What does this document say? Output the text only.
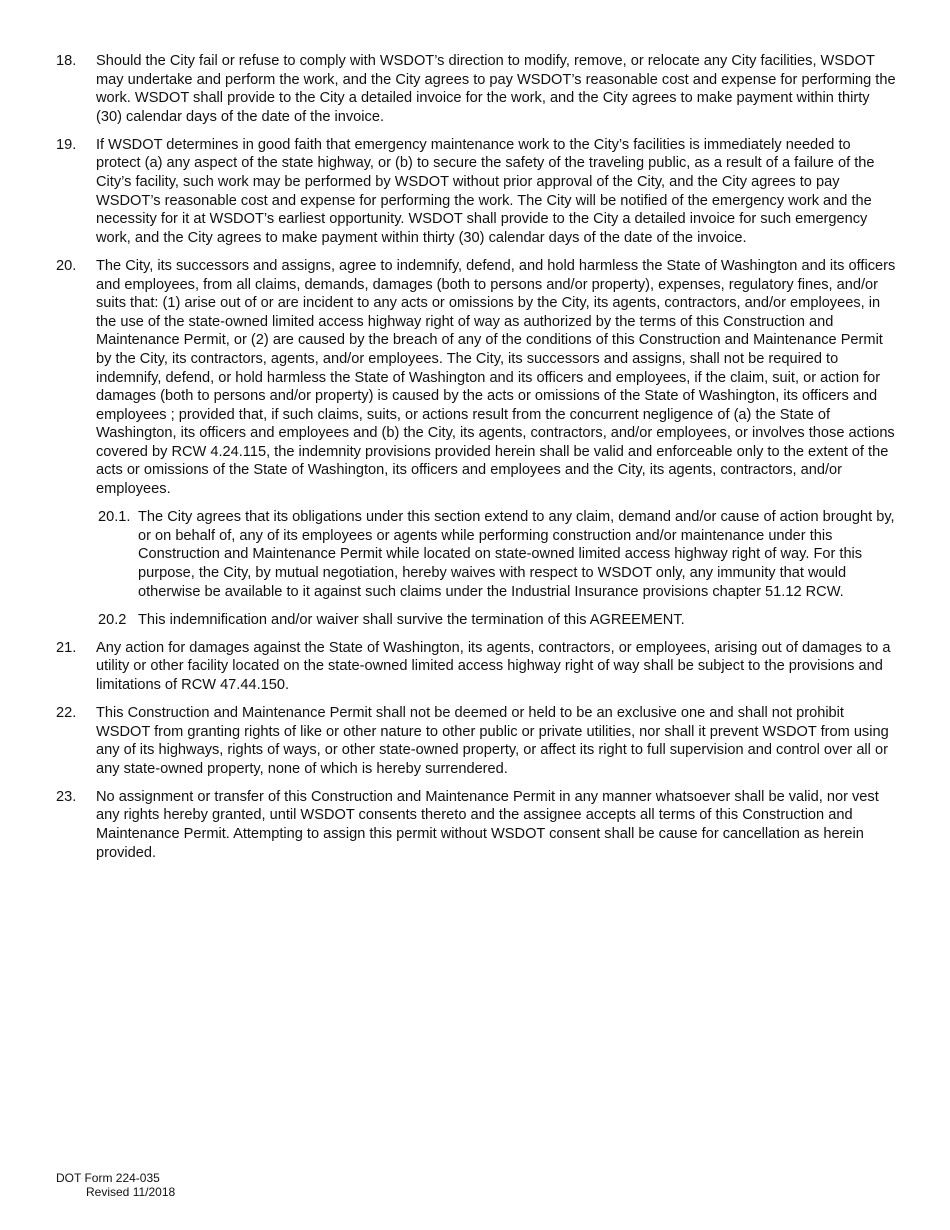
18.	Should the City fail or refuse to comply with WSDOT’s direction to modify, remove, or relocate any City facilities, WSDOT may undertake and perform the work, and the City agrees to pay WSDOT’s reasonable cost and expense for performing the work. WSDOT shall provide to the City a detailed invoice for the work, and the City agrees to make payment within thirty (30) calendar days of the date of the invoice.
19.	If WSDOT determines in good faith that emergency maintenance work to the City’s facilities is immediately needed to protect (a) any aspect of the state highway, or (b) to secure the safety of the traveling public, as a result of a failure of the City’s facility, such work may be performed by WSDOT without prior approval of the City, and the City agrees to pay WSDOT’s reasonable cost and expense for performing the work. The City will be notified of the emergency work and the necessity for it at WSDOT’s earliest opportunity. WSDOT shall provide to the City a detailed invoice for such emergency work, and the City agrees to make payment within thirty (30) calendar days of the date of the invoice.
20.	The City, its successors and assigns, agree to indemnify, defend, and hold harmless the State of Washington and its officers and employees, from all claims, demands, damages (both to persons and/or property), expenses, regulatory fines, and/or suits that: (1) arise out of or are incident to any acts or omissions by the City, its agents, contractors, and/or employees, in the use of the state-owned limited access highway right of way as authorized by the terms of this Construction and Maintenance Permit, or (2) are caused by the breach of any of the conditions of this Construction and Maintenance Permit by the City, its contractors, agents, and/or employees. The City, its successors and assigns, shall not be required to indemnify, defend, or hold harmless the State of Washington and its officers and employees, if the claim, suit, or action for damages (both to persons and/or property) is caused by the acts or omissions of the State of Washington, its officers and employees ; provided that, if such claims, suits, or actions result from the concurrent negligence of (a) the State of Washington, its officers and employees and (b) the City, its agents, contractors, and/or employees, or involves those actions covered by RCW 4.24.115, the indemnity provisions provided herein shall be valid and enforceable only to the extent of the acts or omissions of the State of Washington, its officers and employees and the City, its agents, contractors, and/or employees.
20.1. The City agrees that its obligations under this section extend to any claim, demand and/or cause of action brought by, or on behalf of, any of its employees or agents while performing construction and/or maintenance under this Construction and Maintenance Permit while located on state-owned limited access highway right of way. For this purpose, the City, by mutual negotiation, hereby waives with respect to WSDOT only, any immunity that would otherwise be available to it against such claims under the Industrial Insurance provisions chapter 51.12 RCW.
20.2 This indemnification and/or waiver shall survive the termination of this AGREEMENT.
21.	Any action for damages against the State of Washington, its agents, contractors, or employees, arising out of damages to a utility or other facility located on the state-owned limited access highway right of way shall be subject to the provisions and limitations of RCW 47.44.150.
22.	This Construction and Maintenance Permit shall not be deemed or held to be an exclusive one and shall not prohibit WSDOT from granting rights of like or other nature to other public or private utilities, nor shall it prevent WSDOT from using any of its highways, rights of ways, or other state-owned property, or affect its right to full supervision and control over all or any state-owned property, none of which is hereby surrendered.
23.	No assignment or transfer of this Construction and Maintenance Permit in any manner whatsoever shall be valid, nor vest any rights hereby granted, until WSDOT consents thereto and the assignee accepts all terms of this Construction and Maintenance Permit. Attempting to assign this permit without WSDOT consent shall be cause for cancellation as herein provided.
DOT Form 224-035
Revised 11/2018
